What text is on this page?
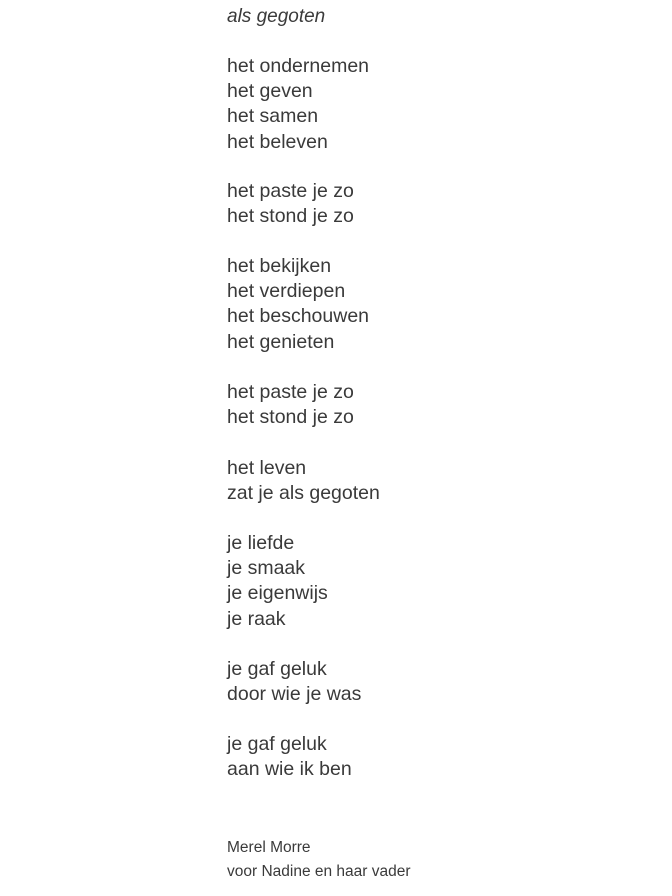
als gegoten
het ondernemen
het geven
het samen
het beleven
het paste je zo
het stond je zo
het bekijken
het verdiepen
het beschouwen
het genieten
het paste je zo
het stond je zo
het leven
zat je als gegoten
je liefde
je smaak
je eigenwijs
je raak
je gaf geluk
door wie je was
je gaf geluk
aan wie ik ben
Merel Morre
voor Nadine en haar vader
